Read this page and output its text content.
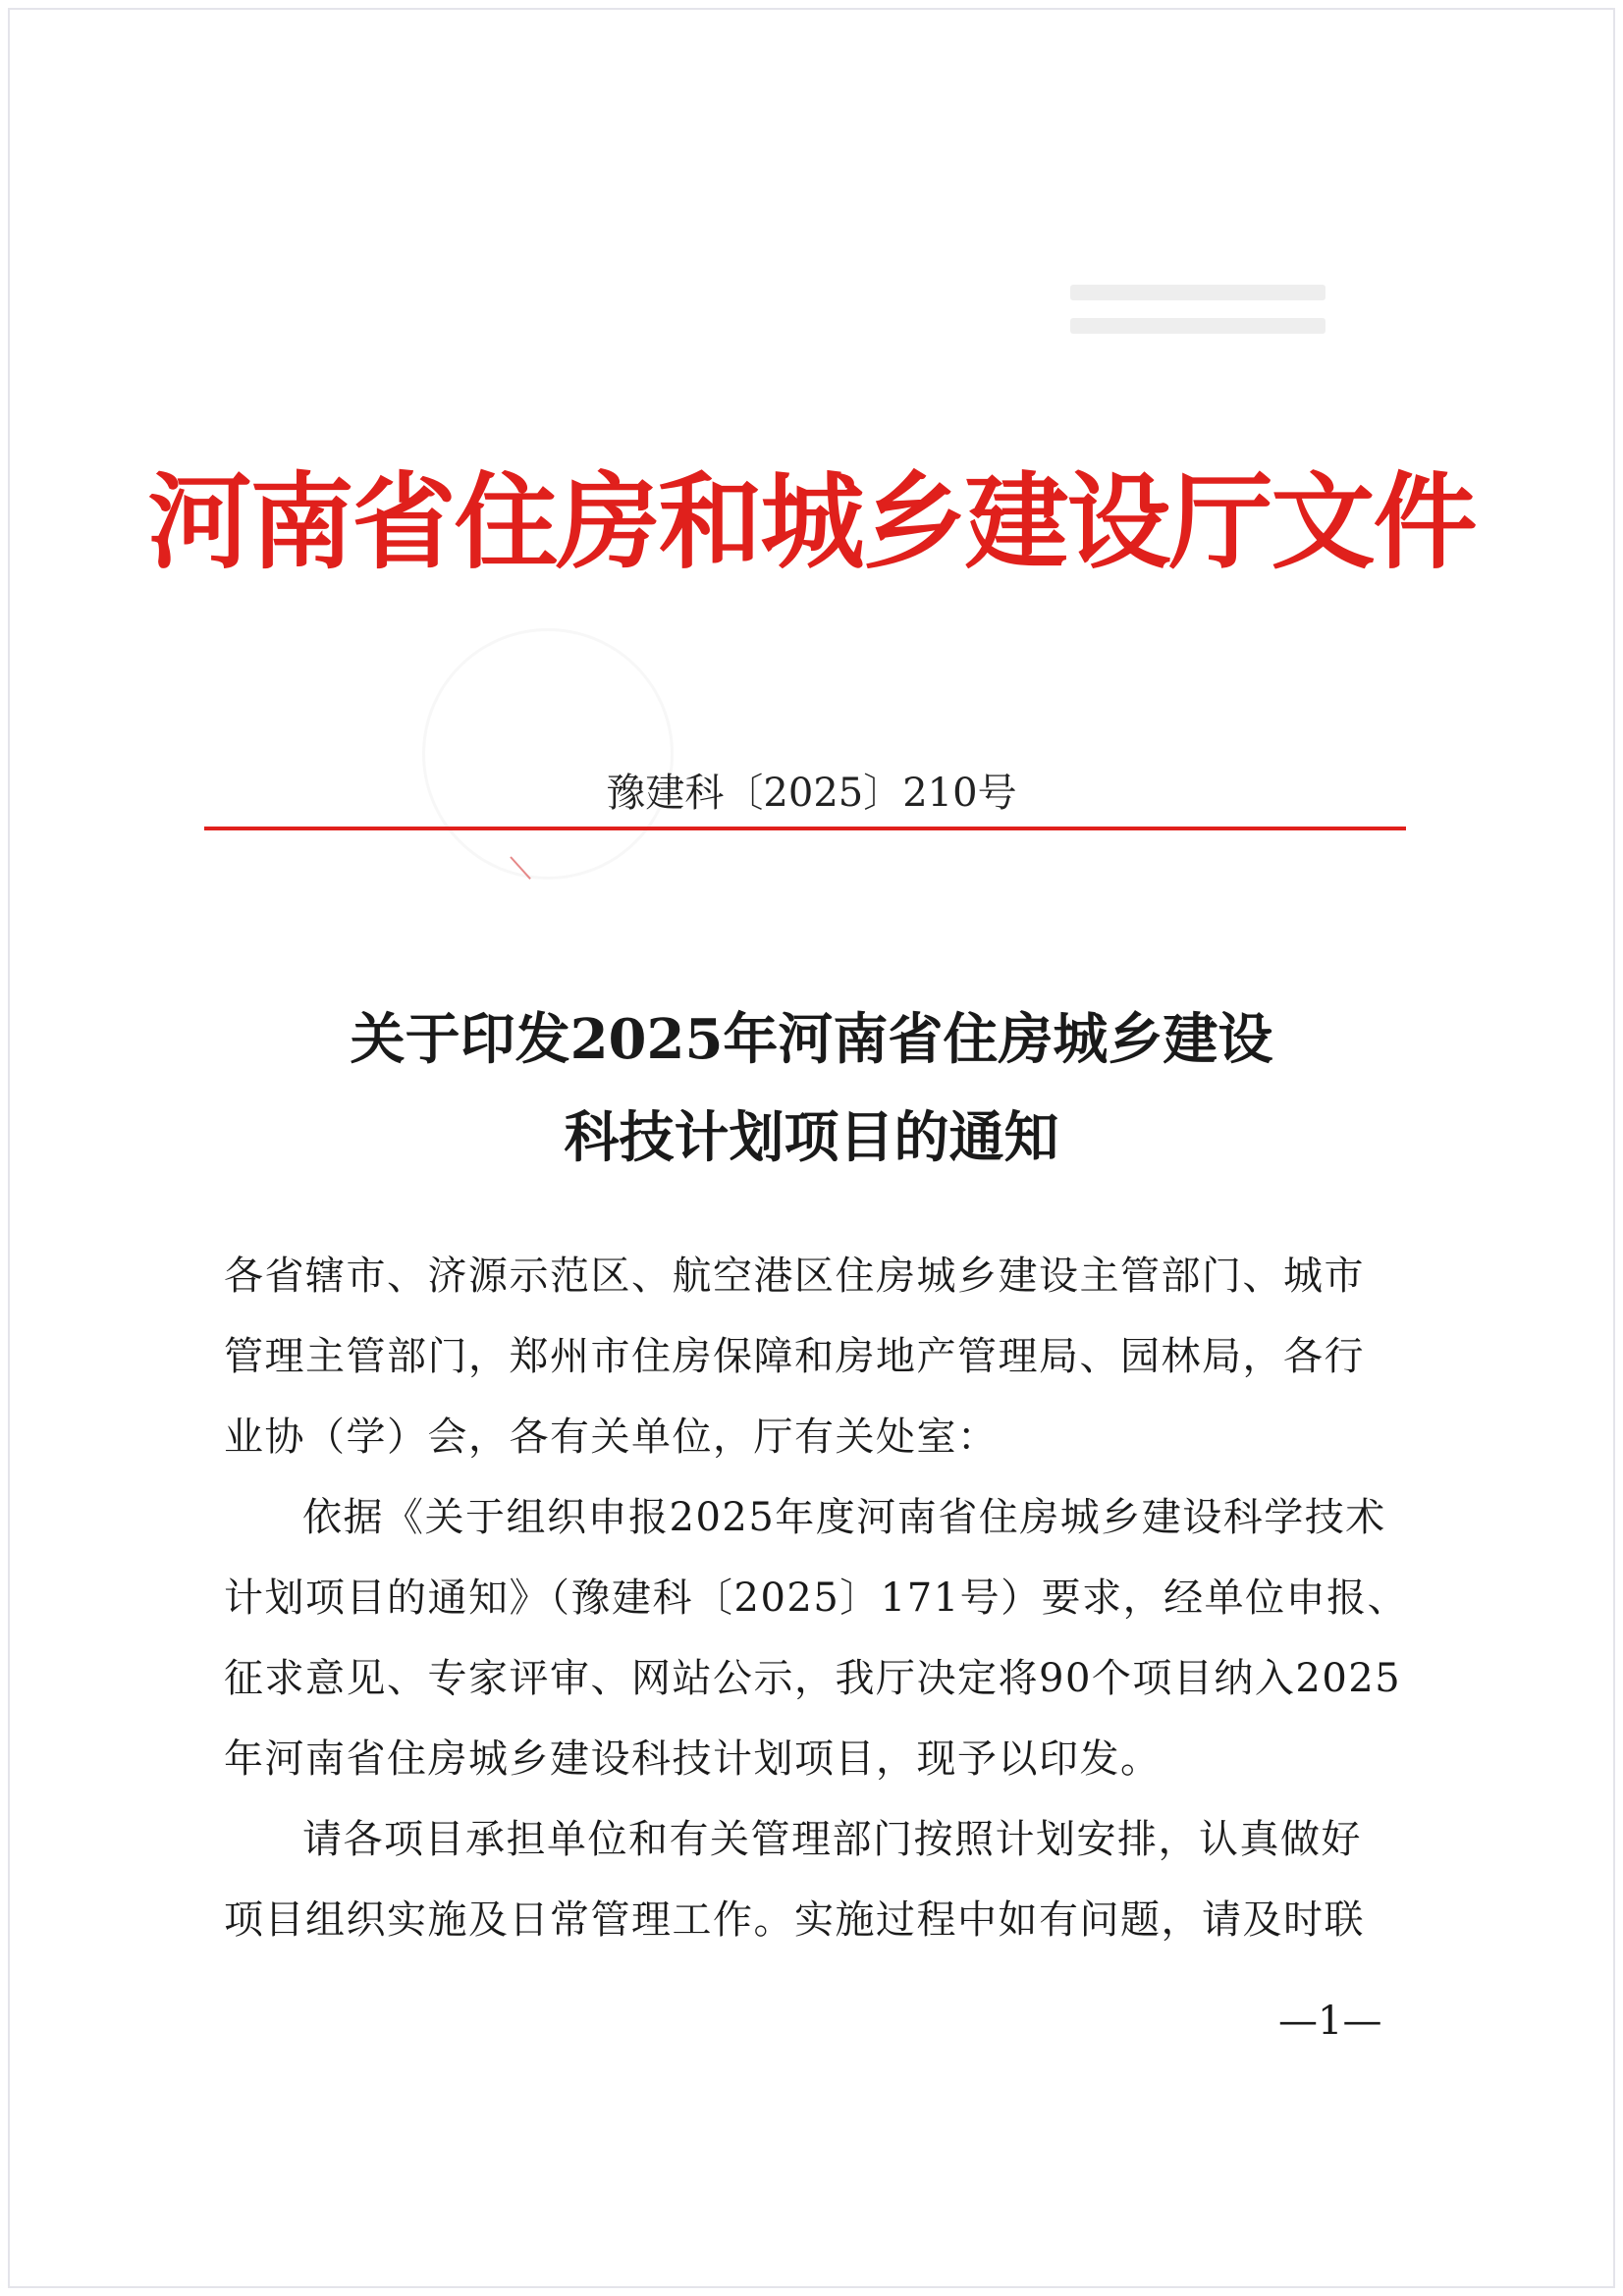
河南省住房和城乡建设厅文件
豫建科〔2025〕210号
关于印发2025年河南省住房城乡建设
科技计划项目的通知
各省辖市、济源示范区、航空港区住房城乡建设主管部门、城市
管理主管部门，郑州市住房保障和房地产管理局、园林局，各行
业协（学）会，各有关单位，厅有关处室：
依据《关于组织申报2025年度河南省住房城乡建设科学技术
计划项目的通知》（豫建科〔2025〕171号）要求，经单位申报、
征求意见、专家评审、网站公示，我厅决定将90个项目纳入2025
年河南省住房城乡建设科技计划项目，现予以印发。
请各项目承担单位和有关管理部门按照计划安排，认真做好
项目组织实施及日常管理工作。实施过程中如有问题，请及时联
—1—
